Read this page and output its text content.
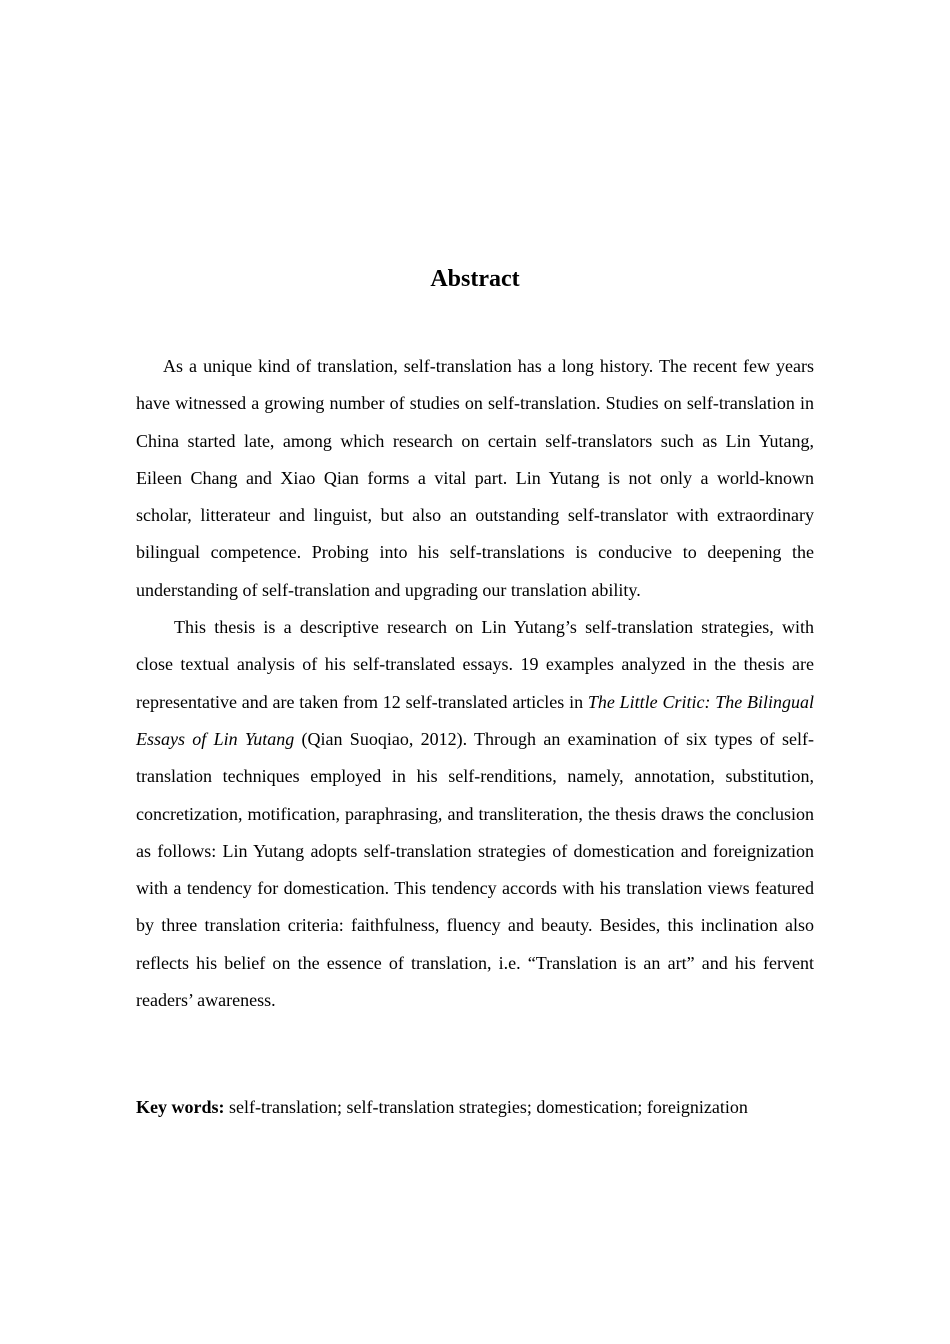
Abstract

As a unique kind of translation, self-translation has a long history. The recent few years have witnessed a growing number of studies on self-translation. Studies on self-translation in China started late, among which research on certain self-translators such as Lin Yutang, Eileen Chang and Xiao Qian forms a vital part. Lin Yutang is not only a world-known scholar, litterateur and linguist, but also an outstanding self-translator with extraordinary bilingual competence. Probing into his self-translations is conducive to deepening the understanding of self-translation and upgrading our translation ability.

This thesis is a descriptive research on Lin Yutang’s self-translation strategies, with close textual analysis of his self-translated essays. 19 examples analyzed in the thesis are representative and are taken from 12 self-translated articles in The Little Critic: The Bilingual Essays of Lin Yutang (Qian Suoqiao, 2012). Through an examination of six types of self-translation techniques employed in his self-renditions, namely, annotation, substitution, concretization, motification, paraphrasing, and transliteration, the thesis draws the conclusion as follows: Lin Yutang adopts self-translation strategies of domestication and foreignization with a tendency for domestication. This tendency accords with his translation views featured by three translation criteria: faithfulness, fluency and beauty. Besides, this inclination also reflects his belief on the essence of translation, i.e. “Translation is an art” and his fervent readers’ awareness.

Key words: self-translation; self-translation strategies; domestication; foreignization
